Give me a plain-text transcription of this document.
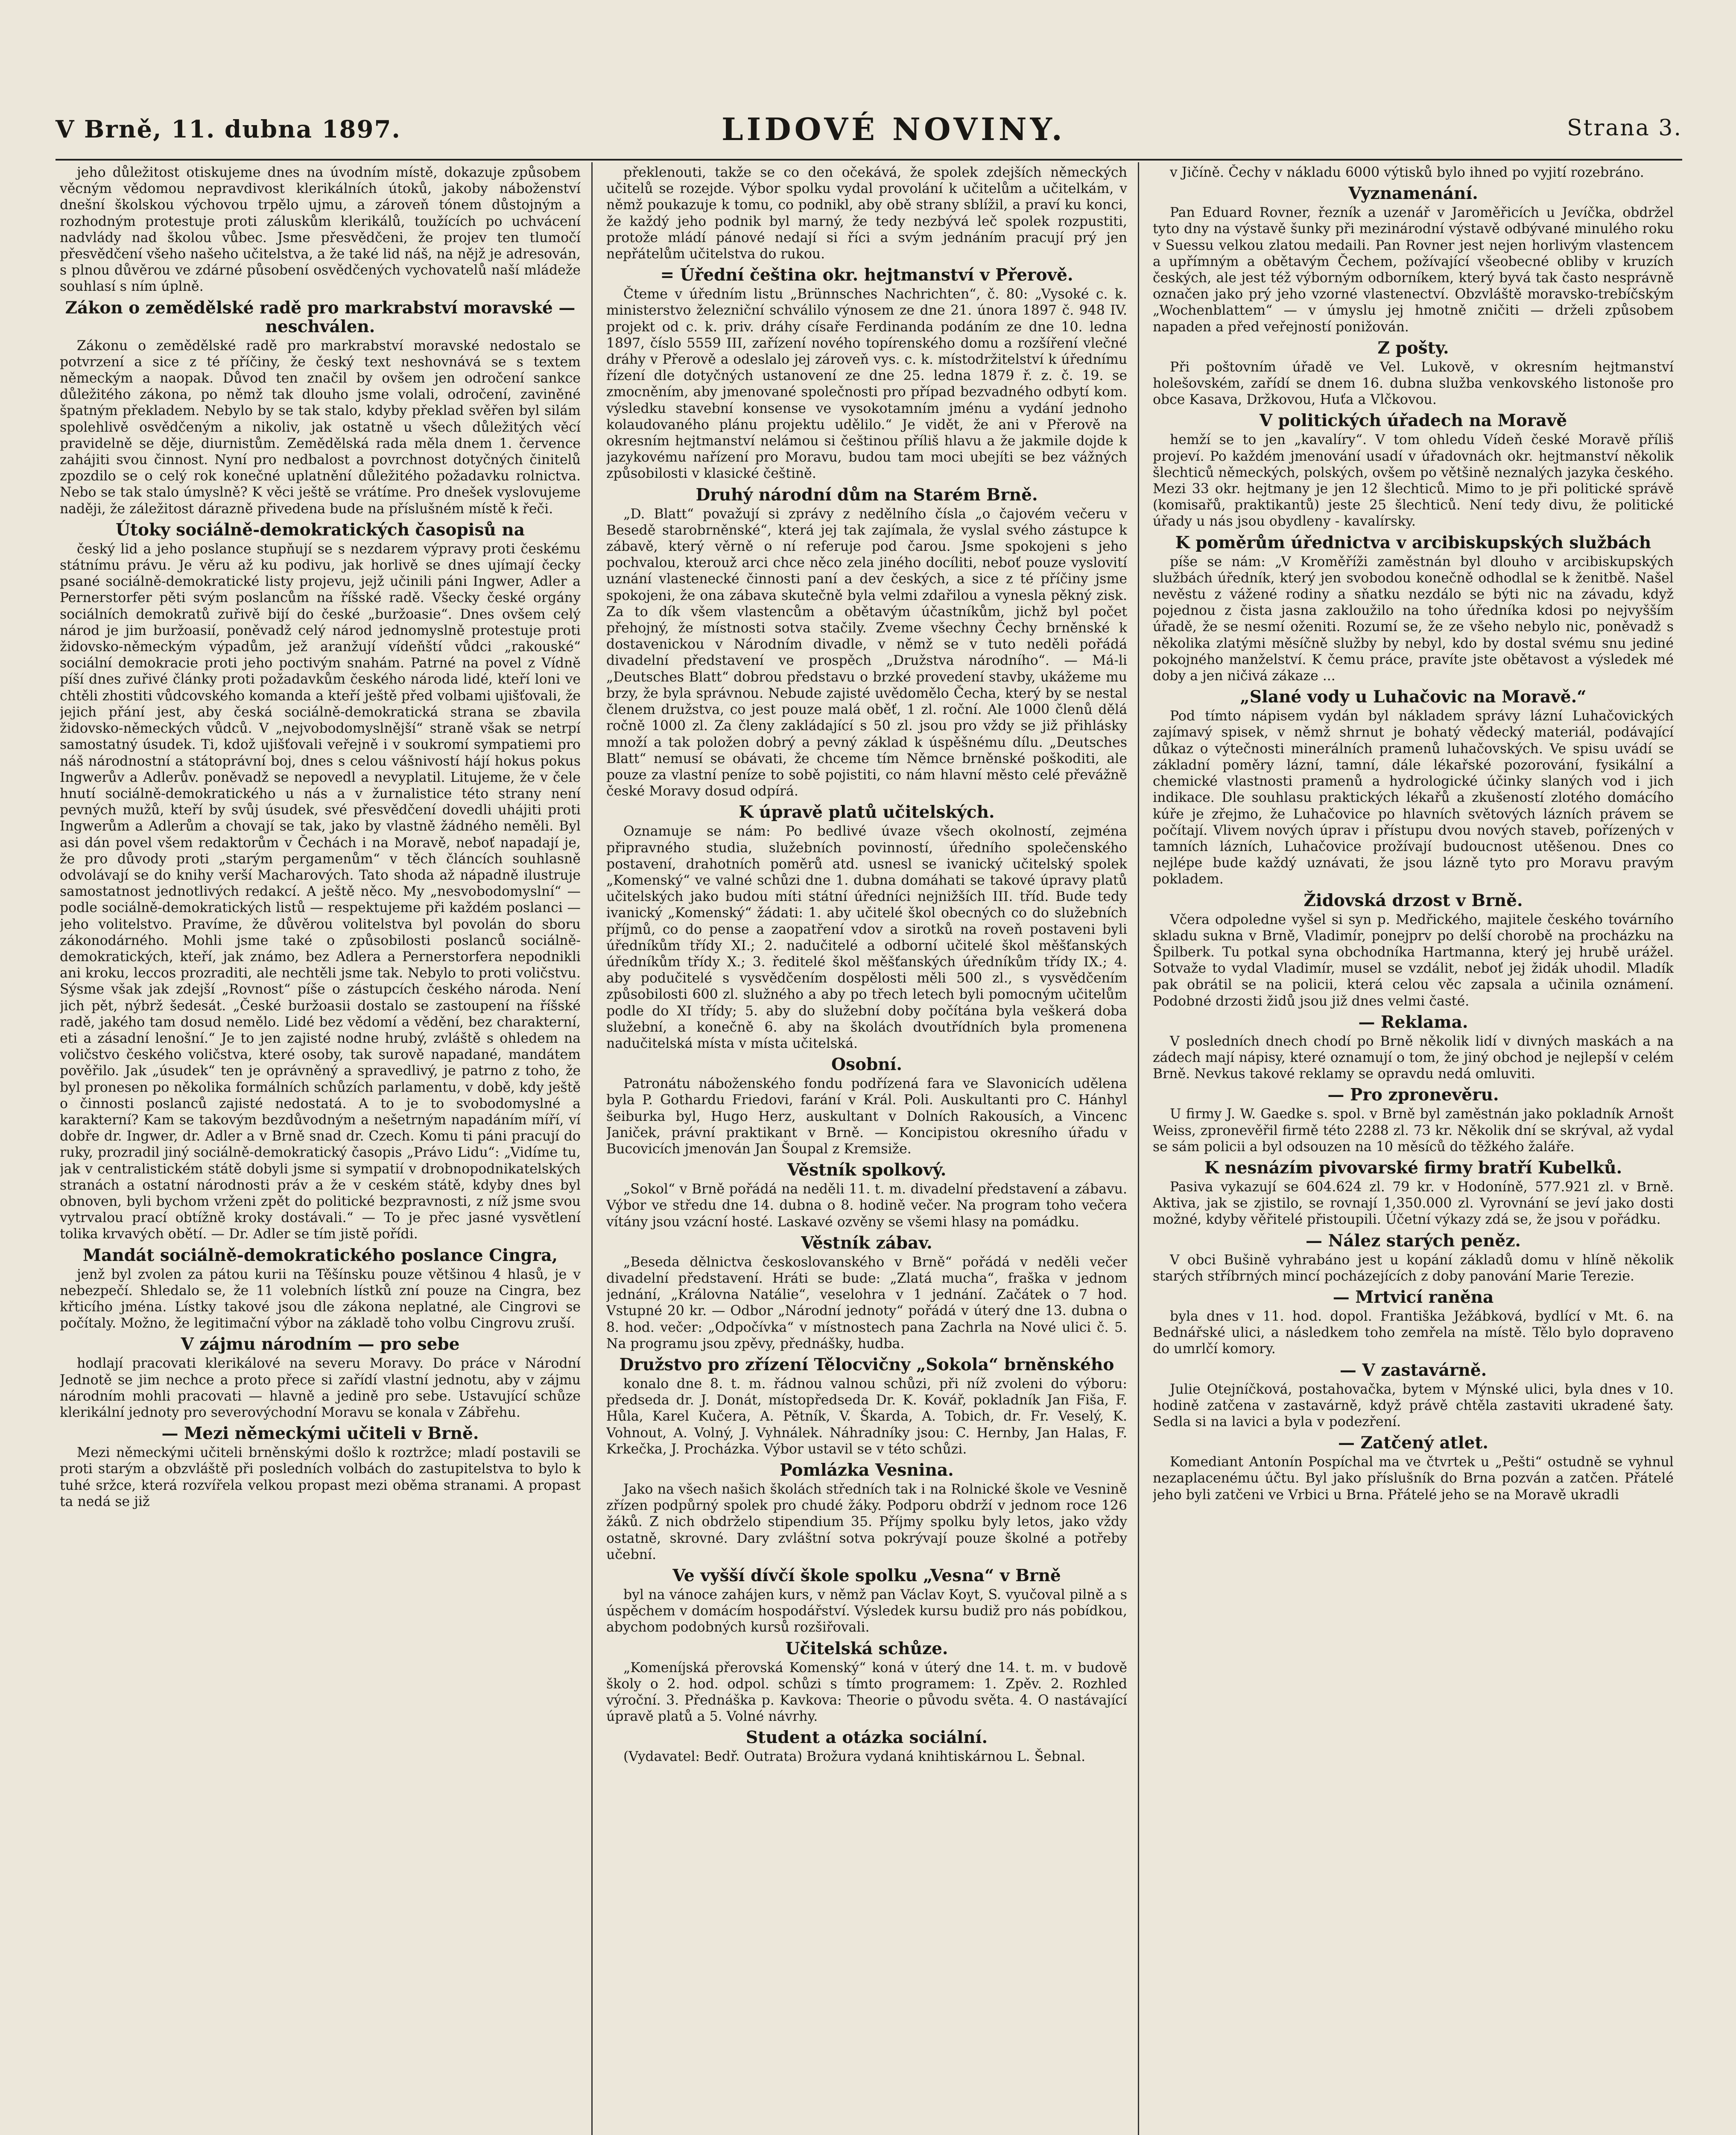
V Brně, 11. dubna 1897.	LIDOVÉ NOVINY.	Strana 3.

jeho důležitost otiskujeme dnes na úvodním místě, dokazuje způsobem věcným vědomou nepravdivost klerikálních útoků, jakoby náboženství dnešní školskou výchovou trpělo ujmu, a zároveň tónem důstojným a rozhodným protestuje proti záluskům klerikálů, toužících po uchvácení nadvlády nad školou vůbec. Jsme přesvědčeni, že projev ten tlumočí přesvědčení všeho našeho učitelstva, a že také lid náš, na nějž je adresován, s plnou důvěrou ve zdárné působení osvědčených vychovatelů naší mládeže souhlasí s ním úplně.

Zákon o zemědělské radě pro markrabství moravské — neschválen.

Zákonu o zemědělské radě pro markrabství moravské nedostalo se potvrzení a sice z té příčiny, že český text neshovnává se s textem německým a naopak. Důvod ten značil by ovšem jen odročení sankce důležitého zákona, po němž tak dlouho jsme volali, odročení, zaviněné špatným překladem. Nebylo by se tak stalo, kdyby překlad svěřen byl silám spolehlivě osvědčeným a nikoliv, jak ostatně u všech důležitých věcí pravidelně se děje, diurnistům. Zemědělská rada měla dnem 1. července zahájiti svou činnost. Nyní pro nedbalost a povrchnost dotyčných činitelů zpozdilo se o celý rok konečné uplatnění důležitého požadavku rolnictva. Nebo se tak stalo úmyslně? K věci ještě se vrátíme. Pro dnešek vyslovujeme naději, že záležitost dárazně přivedena bude na příslušném místě k řeči.

Útoky sociálně-demokratických časopisů na

český lid a jeho poslance stupňují se s nezdarem výpravy proti českému státnímu právu. Je věru až ku podivu, jak horlivě se dnes ujímají čecky psané sociálně-demokratické listy projevu, jejž učinili páni Ingwer, Adler a Pernerstorfer pěti svým poslancům na říšské radě. Všecky české orgány sociálních demokratů zuřivě bijí do české „buržoasie“. Dnes ovšem celý národ je jim buržoasií, poněvadž celý národ jednomyslně protestuje proti židovsko-německým výpadům, jež aranžují vídeňští vůdci „rakouské“ sociální demokracie proti jeho poctivým snahám. Patrné na povel z Vídně píší dnes zuřivé články proti požadavkům českého národa lidé, kteří loni ve chtěli zhostiti vůdcovského komanda a kteří ještě před volbami ujišťovali, že jejich přání jest, aby česká sociálně-demokratická strana se zbavila židovsko-německých vůdců. V „nejvobodomyslnější“ straně však se netrpí samostatný úsudek. Ti, kdož ujišťovali veřejně i v soukromí sympatiemi pro náš národnostní a státoprávní boj, dnes s celou vášnivostí hájí hokus pokus Ingwerův a Adlerův. poněvadž se nepovedl a nevyplatil. Litujeme, že v čele hnutí sociálně-demokratického u nás a v žurnalistice této strany není pevných mužů, kteří by svůj úsudek, své přesvědčení dovedli uhájiti proti Ingwerům a Adlerům a chovají se tak, jako by vlastně žádného neměli. Byl asi dán povel všem redaktorům v Čechách i na Moravě, neboť napadají je, že pro důvody proti „starým pergamenům“ v těch článcích souhlasně odvolávají se do knihy verší Macharových. Tato shoda až nápadně ilustruje samostatnost jednotlivých redakcí. A ještě něco. My „nesvobodomyslní“ — podle sociálně-demokratických listů — respektujeme při každém poslanci — jeho volitelstvo. Pravíme, že důvěrou volitelstva byl povolán do sboru zákonodárného. Mohli jsme také o způsobilosti poslanců sociálně-demokratických, kteří, jak známo, bez Adlera a Pernerstorfera nepodnikli ani kroku, leccos prozraditi, ale nechtěli jsme tak. Nebylo to proti voličstvu. Sýsme však jak zdejší „Rovnost“ píše o zástupcích českého národa. Není jich pět, nýbrž šedesát. „České buržoasii dostalo se zastoupení na říšské radě, jakého tam dosud nemělo. Lidé bez vědomí a vědění, bez charakterní, eti a zásadní lenošní.“ Je to jen zajisté nodne hrubý, zvláště s ohledem na voličstvo českého voličstva, které osoby, tak surově napadané, mandátem pověřilo. Jak „úsudek“ ten je oprávněný a spravedlivý, je patrno z toho, že byl pronesen po několika formálních schůzích parlamentu, v době, kdy ještě o činnosti poslanců zajisté nedostatá. A to je to svobodomyslné a karakterní? Kam se takovým bezdůvodným a nešetrným napadáním míří, ví dobře dr. Ingwer, dr. Adler a v Brně snad dr. Czech. Komu ti páni pracují do ruky, prozradil jiný sociálně-demokratický časopis „Právo Lidu“: „Vidíme tu, jak v centralistickém státě dobyli jsme si sympatií v drobnopodnikatelských stranách a ostatní národnosti práv a že v ceském státě, kdyby dnes byl obnoven, byli bychom vrženi zpět do politické bezpravnosti, z níž jsme svou vytrvalou prací obtížně kroky dostávali.“ — To je přec jasné vysvětlení tolika krvavých obětí. — Dr. Adler se tím jistě pořídi.

Mandát sociálně-demokratického poslance Cingra,

jenž byl zvolen za pátou kurii na Těšínsku pouze většinou 4 hlasů, je v nebezpečí. Shledalo se, že 11 volebních lístků zní pouze na Cingra, bez křticího jména. Lístky takové jsou dle zákona neplatné, ale Cingrovi se počítaly. Možno, že legitimační výbor na základě toho volbu Cingrovu zruší.

V zájmu národním — pro sebe

hodlají pracovati klerikálové na severu Moravy. Do práce v Národní Jednotě se jim nechce a proto přece si zařídí vlastní jednotu, aby v zájmu národním mohli pracovati — hlavně a jedině pro sebe. Ustavující schůze klerikální jednoty pro severovýchodní Moravu se konala v Zábřehu.

— Mezi německými učiteli v Brně.

Mezi německými učiteli brněnskými došlo k roztržce; mladí postavili se proti starým a obzvláště při posledních volbách do zastupitelstva to bylo k tuhé sržce, která rozvířela velkou propast mezi oběma stranami. A propast ta nedá se již

překlenouti, takže se co den očekává, že spolek zdejších německých učitelů se rozejde. Výbor spolku vydal provolání k učitelům a učitelkám, v němž poukazuje k tomu, co podnikl, aby obě strany sblížil, a praví ku konci, že každý jeho podnik byl marný, že tedy nezbývá leč spolek rozpustiti, protože mládí pánové nedají si říci a svým jednáním pracují prý jen nepřátelům učitelstva do rukou.

= Úřední čeština okr. hejtmanství v Přerově.

Čteme v úředním listu „Brünnsches Nachrichten“, č. 80: „Vysoké c. k. ministerstvo železniční schválilo výnosem ze dne 21. února 1897 č. 948 IV. projekt od c. k. priv. dráhy císaře Ferdinanda podáním ze dne 10. ledna 1897, číslo 5559 III, zařízení nového topírenského domu a rozšíření vlečné dráhy v Přerově a odeslalo jej zároveň vys. c. k. místodržitelství k úřednímu řízení dle dotyčných ustanovení ze dne 25. ledna 1879 ř. z. č. 19. se zmocněním, aby jmenované společnosti pro případ bezvadného odbytí kom. výsledku stavební konsense ve vysokotamním jménu a vydání jednoho kolaudovaného plánu projektu udělilo.“ Je vidět, že ani v Přerově na okresním hejtmanství nelámou si češtinou příliš hlavu a že jakmile dojde k jazykovému nařízení pro Moravu, budou tam moci ubejíti se bez vážných způsobilosti v klasické češtině.

Druhý národní dům na Starém Brně.

„D. Blatt“ považují si zprávy z nedělního čísla „o čajovém večeru v Besedě starobrněnské“, která jej tak zajímala, že vyslal svého zástupce k zábavě, který věrně o ní referuje pod čarou. Jsme spokojeni s jeho pochvalou, kterouž arci chce něco zela jiného docíliti, neboť pouze vyslovití uznání vlastenecké činnosti paní a dev českých, a sice z té příčiny jsme spokojeni, že ona zábava skutečně byla velmi zdařilou a vynesla pěkný zisk. Za to dík všem vlastencům a obětavým účastníkům, jichž byl počet přehojný, že místnosti sotva stačily. Zveme všechny Čechy brněnské k dostavenickou v Národním divadle, v němž se v tuto neděli pořádá divadelní představení ve prospěch „Družstva národního“. — Má-li „Deutsches Blatt“ dobrou představu o brzké provedení stavby, ukážeme mu brzy, že byla správnou. Nebude zajisté uvědomělo Čecha, který by se nestal členem družstva, co jest pouze malá oběť, 1 zl. roční. Ale 1000 členů dělá ročně 1000 zl. Za členy zakládající s 50 zl. jsou pro vždy se již přihlásky množí a tak položen dobrý a pevný základ k úspěšnému dílu. „Deutsches Blatt“ nemusí se obávati, že chceme tím Němce brněnské poškoditi, ale pouze za vlastní peníze to sobě pojistiti, co nám hlavní město celé převážně české Moravy dosud odpírá.

K úpravě platů učitelských.

Oznamuje se nám: Po bedlivé úvaze všech okolností, zejména připravného studia, služebních povinností, úředního společenského postavení, drahotních poměrů atd. usnesl se ivanický učitelský spolek „Komenský“ ve valné schůzi dne 1. dubna domáhati se takové úpravy platů učitelských jako budou míti státní úředníci nejnižších III. tříd. Bude tedy ivanický „Komenský“ žádati: 1. aby učitelé škol obecných co do služebních příjmů, co do pense a zaopatření vdov a sirotků na roveň postaveni byli úředníkům třídy XI.; 2. nadučitelé a odborní učitelé škol měšťanských úředníkům třídy X.; 3. ředitelé škol měšťanských úředníkům třídy IX.; 4. aby podučitelé s vysvědčením dospělosti měli 500 zl., s vysvědčením způsobilosti 600 zl. služného a aby po třech letech byli pomocným učitelům podle do XI třídy; 5. aby do služební doby počítána byla veškerá doba služební, a konečně 6. aby na školách dvoutřídních byla promenena nadučitelská místa v místa učitelská.

Osobní.

Patronátu náboženského fondu podřízená fara ve Slavonicích udělena byla P. Gothardu Friedovi, farání v Král. Poli. Auskultanti pro C. Hánhyl šeiburka byl, Hugo Herz, auskultant v Dolních Rakousích, a Vincenc Janiček, právní praktikant v Brně. — Koncipistou okresního úřadu v Bucovicích jmenován Jan Šoupal z Kremsiže.

Věstník spolkový.

„Sokol“ v Brně pořádá na neděli 11. t. m. divadelní představení a zábavu. Výbor ve středu dne 14. dubna o 8. hodině večer. Na program toho večera vítány jsou vzácní hosté. Laskavé ozvěny se všemi hlasy na pomádku.

Věstník zábav.

„Beseda dělnictva českoslovanského v Brně“ pořádá v neděli večer divadelní představení. Hráti se bude: „Zlatá mucha“, fraška v jednom jednání, „Královna Natálie“, veselohra v 1 jednání. Začátek o 7 hod. Vstupné 20 kr. — Odbor „Národní jednoty“ pořádá v úterý dne 13. dubna o 8. hod. večer: „Odpočívka“ v místnostech pana Zachrla na Nové ulici č. 5. Na programu jsou zpěvy, přednášky, hudba.

Družstvo pro zřízení Tělocvičny „Sokola“ brněnského

konalo dne 8. t. m. řádnou valnou schůzi, při níž zvoleni do výboru: předseda dr. J. Donát, místopředseda Dr. K. Kovář, pokladník Jan Fiša, F. Hůla, Karel Kučera, A. Pětník, V. Škarda, A. Tobich, dr. Fr. Veselý, K. Vohnout, A. Volný, J. Vyhnálek. Náhradníky jsou: C. Hernby, Jan Halas, F. Krkečka, J. Procházka. Výbor ustavil se v této schůzi.

Pomlázka Vesnina.

Jako na všech našich školách středních tak i na Rolnické škole ve Vesnině zřízen podpůrný spolek pro chudé žáky. Podporu obdrží v jednom roce 126 žáků. Z nich obdrželo stipendium 35. Příjmy spolku byly letos, jako vždy ostatně, skrovné. Dary zvláštní sotva pokrývají pouze školné a potřeby učební.

Ve vyšší dívčí škole spolku „Vesna“ v Brně

byl na vánoce zahájen kurs, v němž pan Václav Koyt, S. vyučoval pilně a s úspěchem v domácím hospodářství. Výsledek kursu budiž pro nás pobídkou, abychom podobných kursů rozšiřovali.

Učitelská schůze.

„Komeníjská přerovská Komenský“ koná v úterý dne 14. t. m. v budově školy o 2. hod. odpol. schůzi s tímto programem: 1. Zpěv. 2. Rozhled výroční. 3. Přednáška p. Kavkova: Theorie o původu světa. 4. O nastávající úpravě platů a 5. Volné návrhy.

Student a otázka sociální.

(Vydavatel: Bedř. Outrata) Brožura vydaná knihtiskárnou L. Šebnal.

v Jičíně. Čechy v nákladu 6000 výtisků bylo ihned po vyjití rozebráno.

Vyznamenání.

Pan Eduard Rovner, řezník a uzenář v Jaroměřicích u Jevíčka, obdržel tyto dny na výstavě šunky při mezinárodní výstavě odbývané minulého roku v Suessu velkou zlatou medaili. Pan Rovner jest nejen horlivým vlastencem a upřímným a obětavým Čechem, požívající všeobecné obliby v kruzích českých, ale jest též výborným odborníkem, který byvá tak často nesprávně označen jako prý jeho vzorné vlastenectví. Obzvláště moravsko-trebíčským „Wochenblattem“ — v úmyslu jej hmotně zničiti — drželi způsobem napaden a před veřejností ponižován.

Z pošty.

Při poštovním úřadě ve Vel. Lukově, v okresním hejtmanství holešovském, zařídí se dnem 16. dubna služba venkovského listonoše pro obce Kasava, Držkovou, Huťa a Vlčkovou.

V politických úřadech na Moravě

hemží se to jen „kavalíry“. V tom ohledu Vídeň české Moravě příliš projeví. Po každém jmenování usadí v úřadovnách okr. hejtmanství několik šlechticů německých, polských, ovšem po většině neznalých jazyka českého. Mezi 33 okr. hejtmany je jen 12 šlechticů. Mimo to je při politické správě (komisařů, praktikantů) jeste 25 šlechticů. Není tedy divu, že politické úřady u nás jsou obydleny - kavalírsky.

K poměrům úřednictva v arcibiskupských službách

píše se nám: „V Kroměříži zaměstnán byl dlouho v arcibiskupských službách úředník, který jen svobodou konečně odhodlal se k ženitbě. Našel nevěstu z vážené rodiny a sňatku nezdálo se býti nic na závadu, když pojednou z čista jasna zakloužilo na toho úředníka kdosi po nejvyšším úřadě, že se nesmí oženiti. Rozumí se, že ze všeho nebylo nic, poněvadž s několika zlatými měsíčně služby by nebyl, kdo by dostal svému snu jediné pokojného manželství. K čemu práce, pravíte jste obětavost a výsledek mé doby a jen ničivá zákaze ...

„Slané vody u Luhačovic na Moravě.“

Pod tímto nápisem vydán byl nákladem správy lázní Luhačovických zajímavý spisek, v němž shrnut je bohatý vědecký materiál, podávající důkaz o výtečnosti minerálních pramenů luhačovských. Ve spisu uvádí se základní poměry lázní, tamní, dále lékařské pozorování, fysikální a chemické vlastnosti pramenů a hydrologické účinky slaných vod i jich indikace. Dle souhlasu praktických lékařů a zkušeností zlotého domácího kúře je zřejmo, že Luhačovice po hlavních světových lázních právem se počítají. Vlivem nových úprav i přístupu dvou nových staveb, pořízených v tamních lázních, Luhačovice prožívají budoucnost utěšenou. Dnes co nejlépe bude každý uznávati, že jsou lázně tyto pro Moravu pravým pokladem.

Židovská drzost v Brně.

Včera odpoledne vyšel si syn p. Medřického, majitele českého továrního skladu sukna v Brně, Vladimír, ponejprv po delší chorobě na procházku na Špilberk. Tu potkal syna obchodníka Hartmanna, který jej hrubě urážel. Sotvaže to vydal Vladimír, musel se vzdálit, neboť jej židák uhodil. Mladík pak obrátil se na policii, která celou věc zapsala a učinila oznámení. Podobné drzosti židů jsou již dnes velmi časté.

— Reklama.

V posledních dnech chodí po Brně několik lidí v divných maskách a na zádech mají nápisy, které oznamují o tom, že jiný obchod je nejlepší v celém Brně. Nevkus takové reklamy se opravdu nedá omluviti.

— Pro zpronevěru.

U firmy J. W. Gaedke s. spol. v Brně byl zaměstnán jako pokladník Arnošt Weiss, zpronevěřil firmě této 2288 zl. 73 kr. Několik dní se skrýval, až vydal se sám policii a byl odsouzen na 10 měsíců do těžkého žaláře.

K nesnázím pivovarské firmy bratří Kubelků.

Pasiva vykazují se 604.624 zl. 79 kr. v Hodoníně, 577.921 zl. v Brně. Aktiva, jak se zjistilo, se rovnají 1,350.000 zl. Vyrovnání se jeví jako dosti možné, kdyby věřitelé přistoupili. Účetní výkazy zdá se, že jsou v pořádku.

— Nález starých peněz.

V obci Bušině vyhrabáno jest u kopání základů domu v hlíně několik starých stříbrných mincí pocházejících z doby panování Marie Terezie.

— Mrtvicí raněna

byla dnes v 11. hod. dopol. Františka Ježábková, bydlící v Mt. 6. na Bednářské ulici, a následkem toho zemřela na místě. Tělo bylo dopraveno do umrlčí komory.

— V zastavárně.

Julie Otejníčková, postahovačka, bytem v Mýnské ulici, byla dnes v 10. hodině zatčena v zastavárně, když právě chtěla zastaviti ukradené šaty. Sedla si na lavici a byla v podezření.

— Zatčený atlet.

Komediant Antonín Pospíchal ma ve čtvrtek u „Pešti“ ostudně se vyhnul nezaplacenému účtu. Byl jako příslušník do Brna pozván a zatčen. Přátelé jeho byli zatčeni ve Vrbici u Brna. Přátelé jeho se na Moravě ukradli
